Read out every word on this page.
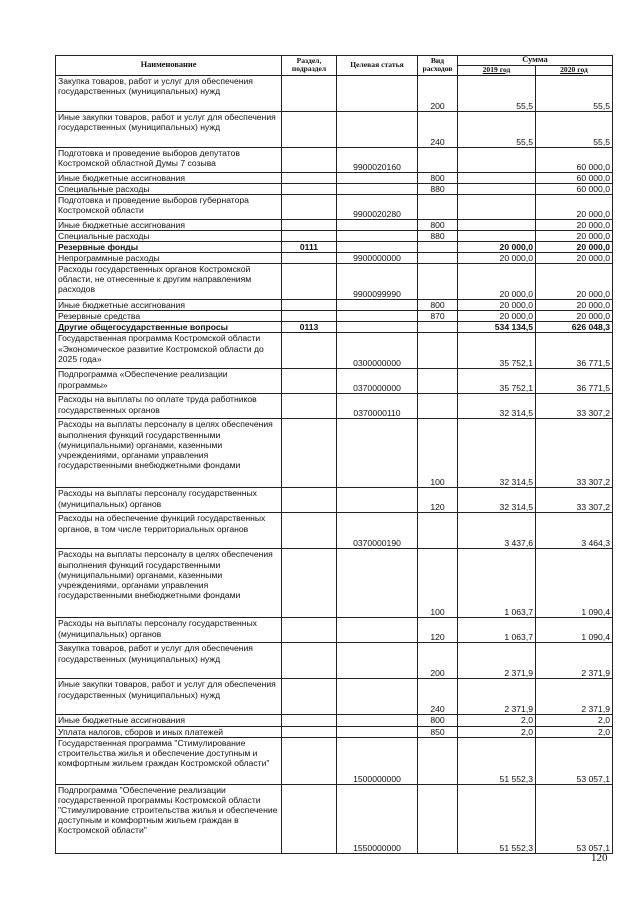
Наименование	Раздел, подраздел	Целевая статья	Вид расходов	Сумма	
				2019 год	2020 год
Закупка товаров, работ и услуг для обеспечения государственных (муниципальных) нужд			200	55,5	55,5
Иные закупки товаров, работ и услуг для обеспечения государственных (муниципальных) нужд			240	55,5	55,5
Подготовка и проведение выборов депутатов Костромской областной Думы 7 созыва		9900020160			60 000,0
Иные бюджетные ассигнования			800		60 000,0
Специальные расходы			880		60 000,0
Подготовка и проведение выборов губернатора Костромской области		9900020280			20 000,0
Иные бюджетные ассигнования			800		20 000,0
Специальные расходы			880		20 000,0
Резервные фонды	0111			20 000,0	20 000,0
Непрограммные расходы		9900000000		20 000,0	20 000,0
Расходы государственных органов Костромской области, не отнесенные к другим направлениям расходов		9900099990		20 000,0	20 000,0
Иные бюджетные ассигнования			800	20 000,0	20 000,0
Резервные средства			870	20 000,0	20 000,0
Другие общегосударственные вопросы	0113			534 134,5	626 048,3
Государственная программа Костромской области «Экономическое развитие Костромской области до 2025 года»		0300000000		35 752,1	36 771,5
Подпрограмма «Обеспечение реализации программы»		0370000000		35 752,1	36 771,5
Расходы на выплаты по оплате труда работников государственных органов		0370000110		32 314,5	33 307,2
Расходы на выплаты персоналу в целях обеспечения выполнения функций государственными (муниципальными) органами, казенными учреждениями, органами управления государственными внебюджетными фондами			100	32 314,5	33 307,2
Расходы на выплаты персоналу государственных (муниципальных) органов			120	32 314,5	33 307,2
Расходы на обеспечение функций государственных органов, в том числе территориальных органов		0370000190		3 437,6	3 464,3
Расходы на выплаты персоналу в целях обеспечения выполнения функций государственными (муниципальными) органами, казенными учреждениями, органами управления государственными внебюджетными фондами			100	1 063,7	1 090,4
Расходы на выплаты персоналу государственных (муниципальных) органов			120	1 063,7	1 090,4
Закупка товаров, работ и услуг для обеспечения государственных (муниципальных) нужд			200	2 371,9	2 371,9
Иные закупки товаров, работ и услуг для обеспечения государственных (муниципальных) нужд			240	2 371,9	2 371,9
Иные бюджетные ассигнования			800	2,0	2,0
Уплата налогов, сборов и иных платежей			850	2,0	2,0
Государственная программа "Стимулирование строительства жилья и обеспечение доступным и комфортным жильем граждан Костромской области"		1500000000		51 552,3	53 057,1
Подпрограмма "Обеспечение реализации государственной программы Костромской области "Стимулирование строительства жилья и обеспечение доступным и комфортным жильем граждан в Костромской области"		1550000000		51 552,3	53 057,1
120
